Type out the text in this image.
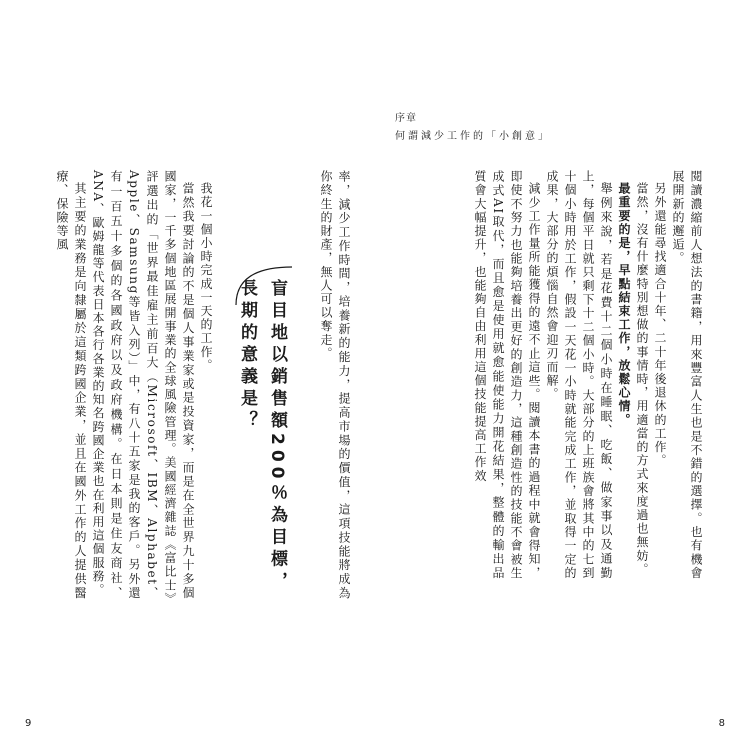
序章
何謂減少工作的「小創意」

閱讀濃縮前人想法的書籍，用來豐富人生也是不錯的選擇。也有機會展開新的邂逅。

另外還能尋找適合十年、二十年後退休的工作。

當然，沒有什麼特別想做的事情時，用適當的方式來度過也無妨。

最重要的是，早點結束工作，放鬆心情。

舉例來說，若是花費十二個小時在睡眠、吃飯、做家事以及通勤上，每個平日就只剩下十二個小時。大部分的上班族會將其中的七到十個小時用於工作，假設一天花一小時就能完成工作，並取得一定的成果，大部分的煩惱自然會迎刃而解。

減少工作量所能獲得的遠不止這些。閱讀本書的過程中就會得知，即使不努力也能夠培養出更好的創造力，這種創造性的技能不會被生成式AI取代，而且愈是使用就愈能使能力開花結果，整體的輸出品質會大幅提升，也能夠自由利用這個技能提高工作效

8

我花一個小時完成一天的工作。

當然我要討論的不是個人事業家或是投資家，而是在全世界九十多個國家，一千多個地區展開事業的全球風險管理。美國經濟雜誌《富比士》評選出的「世界最佳雇主前百大（Microsoft、IBM、Alphabet、Apple、Samsung等皆入列）」中，有八十五家是我的客戶。另外還有一百五十多個的各國政府以及政府機構。在日本則是住友商社、ANA、歐姆龍等代表日本各行各業的知名跨國企業也在利用這個服務。

其主要的業務是向隸屬於這類跨國企業，並且在國外工作的人提供醫療、保險等風	率，減少工作時間，培養新的能力，提高市場的價值，這項技能將成為你終生的財產，無人可以奪走。

盲目地以銷售額200％為目標，
長期的意義是？
9
